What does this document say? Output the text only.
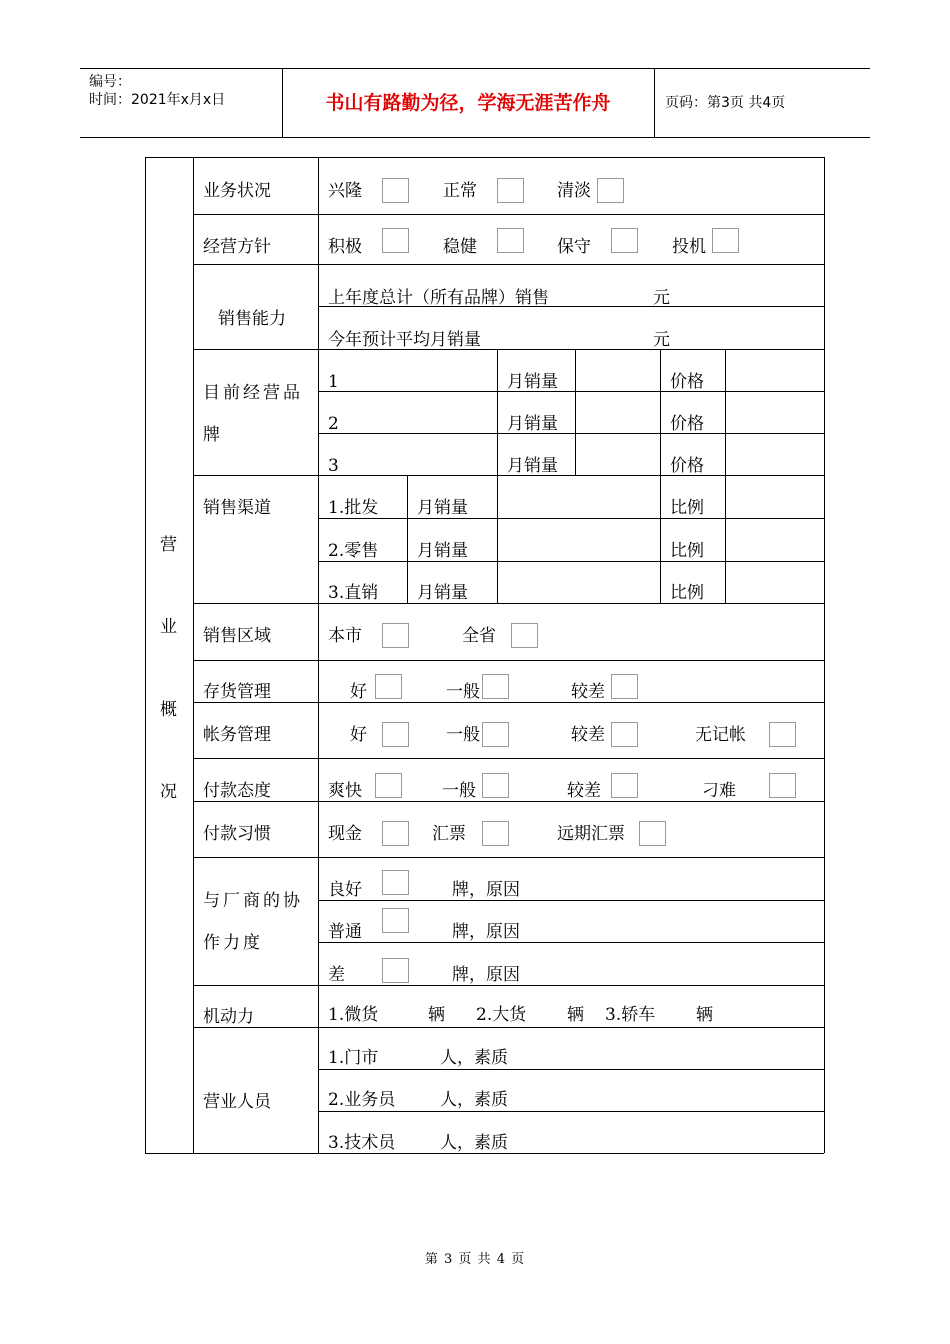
编号：
时间：2021年x月x日	书山有路勤为径，学海无涯苦作舟	页码：第3页 共4页
营
业
概
况
业务状况	兴隆	正常	清淡
经营方针	积极	稳健	保守	投机
销售能力
上年度总计（所有品牌）销售	元
今年预计平均月销量	元
目前经营品牌
1	月销量	价格
2	月销量	价格
3	月销量	价格
销售渠道	1.批发 月销量	比例
2.零售 月销量	比例
3.直销 月销量	比例
销售区域	本市	全省
存货管理	好	一般	较差
帐务管理	好	一般	较差	无记帐
付款态度	爽快	一般	较差	刁难
付款习惯	现金	汇票	远期汇票
与厂商的协作力度
良好	牌，原因
普通	牌，原因
差	牌，原因
机动力	1.微货	辆 2.大货 辆 3.轿车 辆
营业人员
1.门市	人，素质
2.业务员	人，素质
3.技术员	人，素质
第 3 页 共 4 页
